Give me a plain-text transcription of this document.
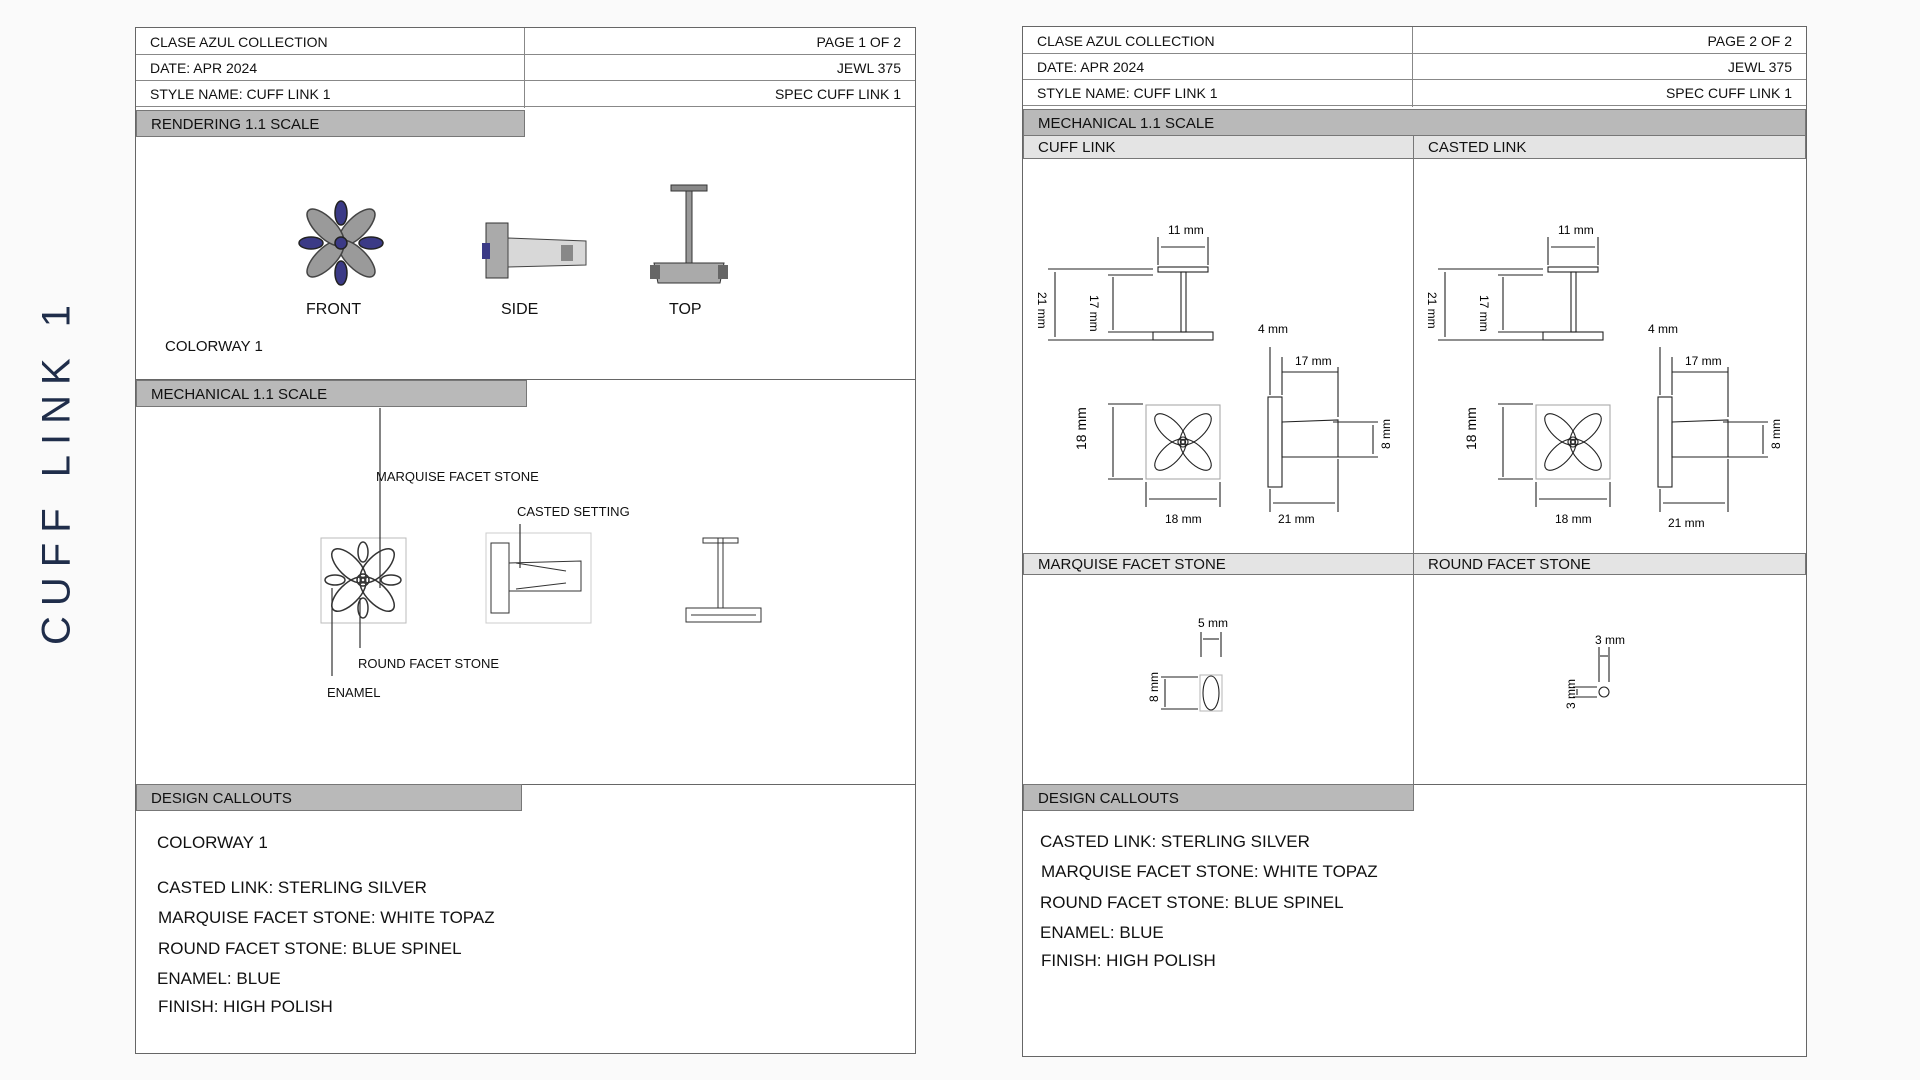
CUFF LINK 1
CLASE AZUL COLLECTION	PAGE 1 OF 2
DATE: APR 2024	JEWL 375
STYLE NAME: CUFF LINK 1	SPEC CUFF LINK 1
RENDERING 1.1 SCALE
FRONT	SIDE	TOP
COLORWAY 1
MECHANICAL 1.1 SCALE
MARQUISE FACET STONE
CASTED SETTING
ROUND FACET STONE
ENAMEL
DESIGN CALLOUTS
COLORWAY 1
CASTED LINK: STERLING SILVER
MARQUISE FACET STONE: WHITE TOPAZ
ROUND FACET STONE: BLUE SPINEL
ENAMEL: BLUE
FINISH: HIGH POLISH
CLASE AZUL COLLECTION	PAGE 2 OF 2
DATE: APR 2024	JEWL 375
STYLE NAME: CUFF LINK 1	SPEC CUFF LINK 1
MECHANICAL 1.1 SCALE
CUFF LINK	CASTED LINK
11 mm
21 mm	17 mm	4 mm
17 mm
18 mm
18 mm	21 mm
8 mm
11 mm
21 mm	17 mm	4 mm
17 mm
18 mm
18 mm	21 mm
8 mm
MARQUISE FACET STONE	ROUND FACET STONE
5 mm
8 mm
3 mm
3 mm
DESIGN CALLOUTS
CASTED LINK: STERLING SILVER
MARQUISE FACET STONE: WHITE TOPAZ
ROUND FACET STONE: BLUE SPINEL
ENAMEL: BLUE
FINISH: HIGH POLISH
